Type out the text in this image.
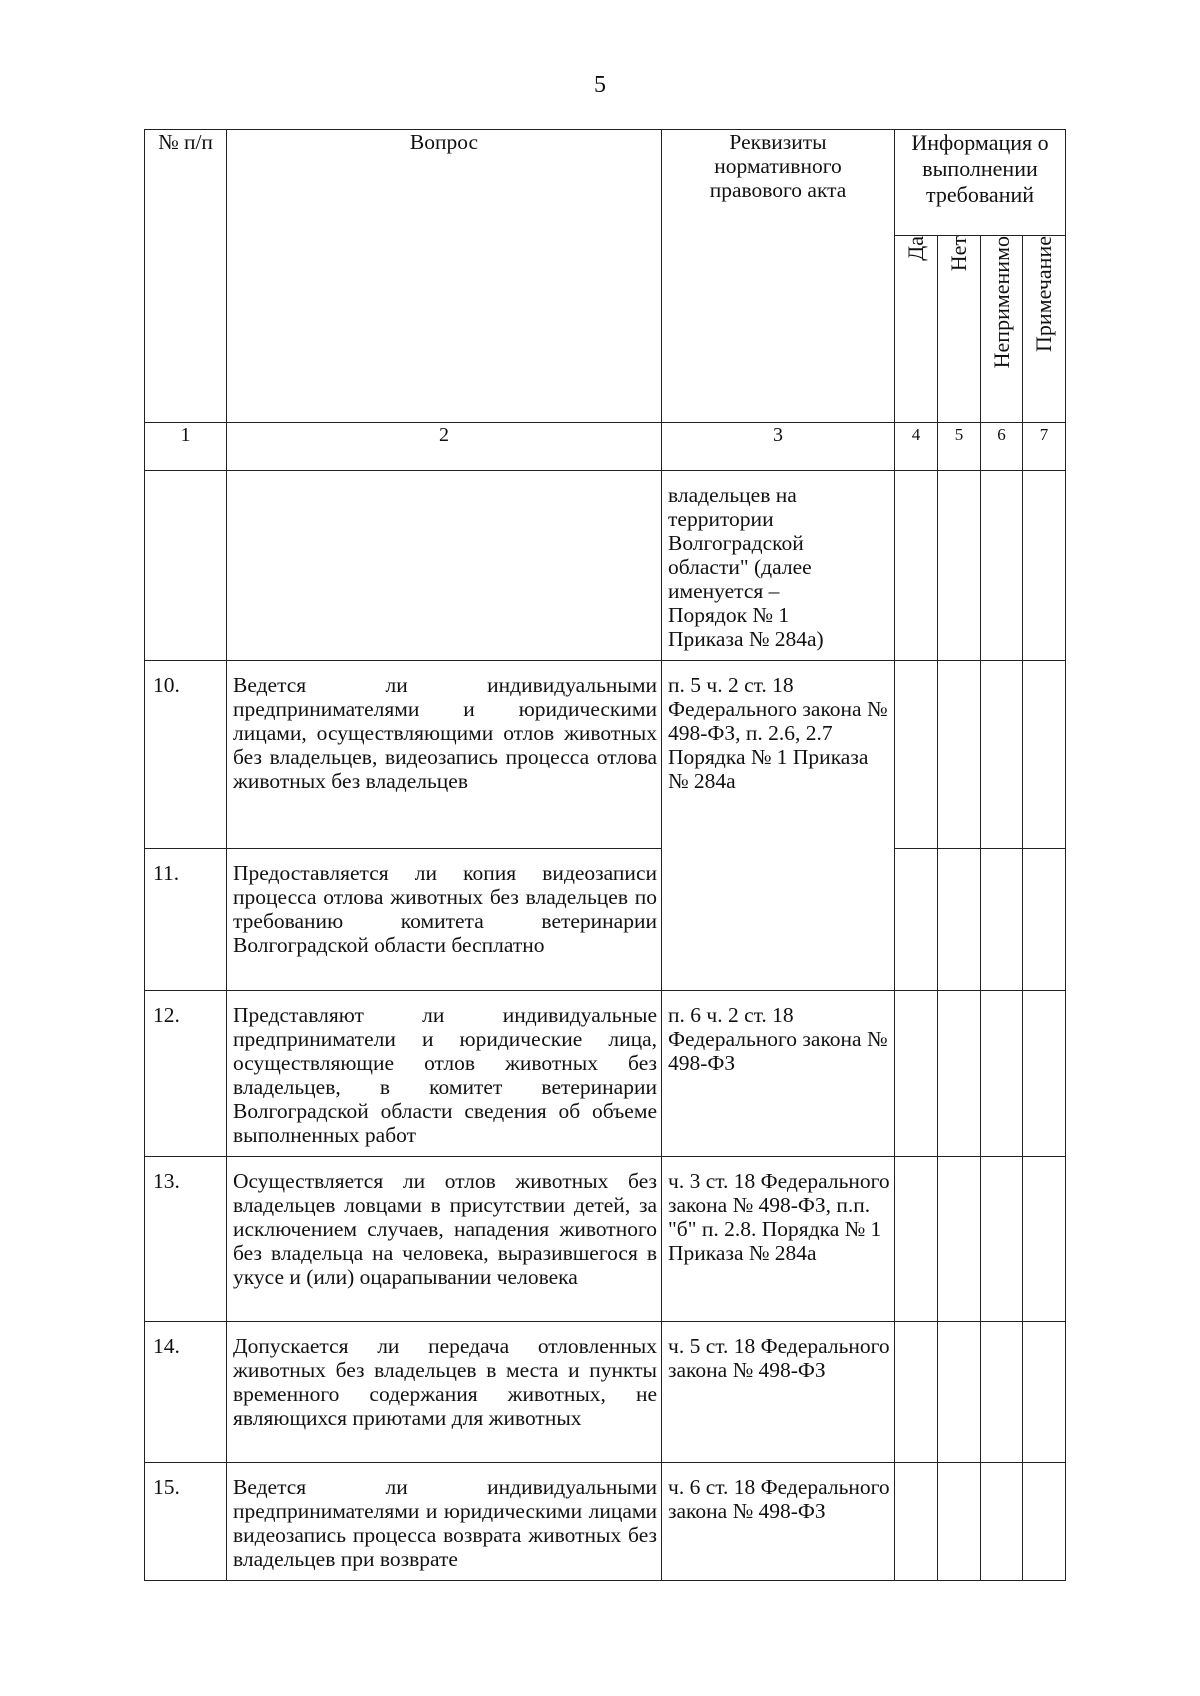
5
№ п/п	Вопрос	Реквизиты нормативного правового акта	Информация о выполнении требований			
			Да	Нет	Неприменимо	Примечание
1	2	3	4	5	6	7
		владельцев на территории Волгоградской области" (далее именуется – Порядок № 1 Приказа № 284а)				
10.	Ведется ли индивидуальными предпринимателями и юридическими лицами, осуществляющими отлов животных без владельцев, видеозапись процесса отлова животных без владельцев	п. 5 ч. 2 ст. 18 Федерального закона № 498-ФЗ, п. 2.6, 2.7 Порядка № 1 Приказа № 284а				
11.	Предоставляется ли копия видеозаписи процесса отлова животных без владельцев по требованию комитета ветеринарии Волгоградской области бесплатно					
12.	Представляют ли индивидуальные предприниматели и юридические лица, осуществляющие отлов животных без владельцев, в комитет ветеринарии Волгоградской области сведения об объеме выполненных работ	п. 6 ч. 2 ст. 18 Федерального закона № 498-ФЗ				
13.	Осуществляется ли отлов животных без владельцев ловцами в присутствии детей, за исключением случаев, нападения животного без владельца на человека, выразившегося в укусе и (или) оцарапывании человека	ч. 3 ст. 18 Федерального закона № 498-ФЗ, п.п. "б" п. 2.8. Порядка № 1 Приказа № 284а				
14.	Допускается ли передача отловленных животных без владельцев в места и пункты временного содержания животных, не являющихся приютами для животных	ч. 5 ст. 18 Федерального закона № 498-ФЗ				
15.	Ведется ли индивидуальными предпринимателями и юридическими лицами видеозапись процесса возврата животных без владельцев при возврате	ч. 6 ст. 18 Федерального закона № 498-ФЗ				
